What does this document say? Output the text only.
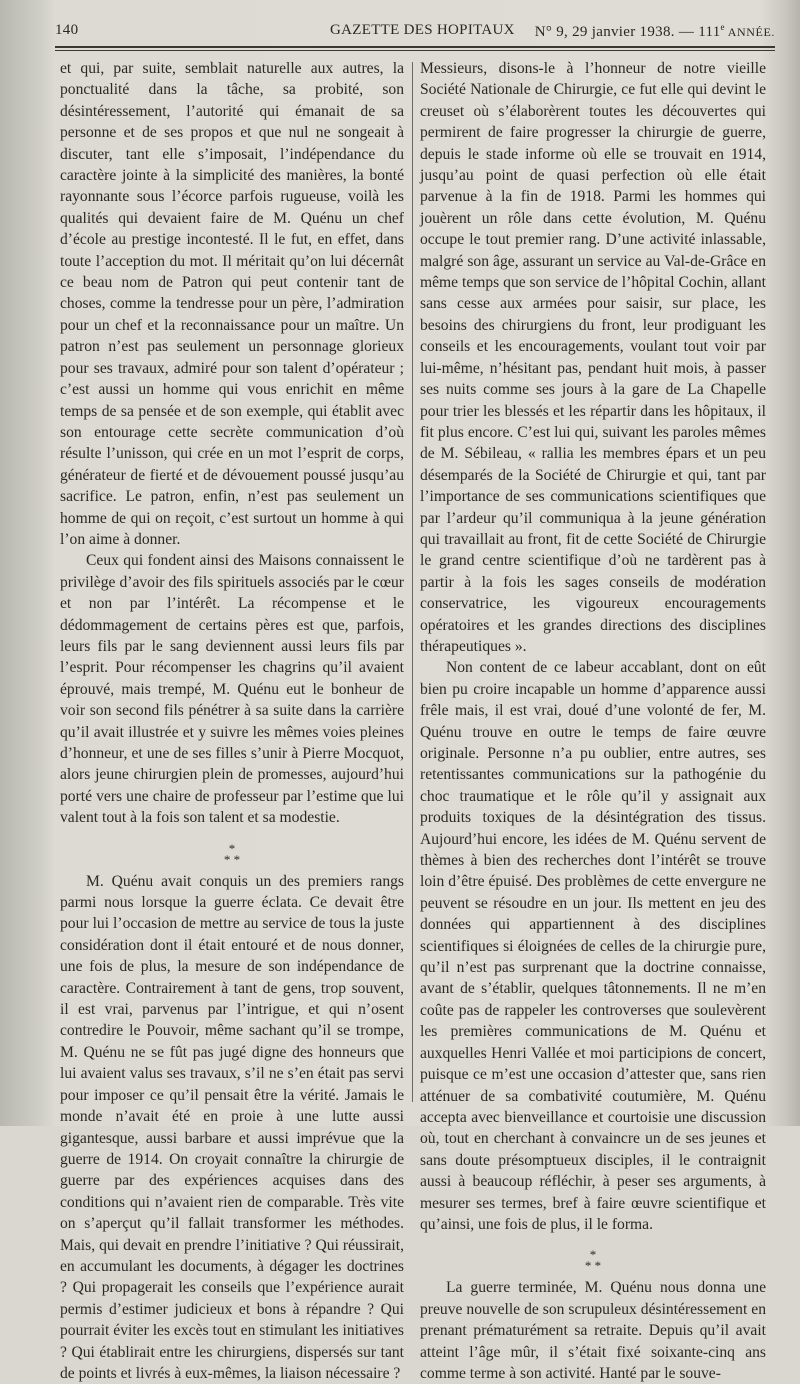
140	GAZETTE DES HOPITAUX N° 9, 29 janvier 1938. — 111e ANNÉE.

et qui, par suite, semblait naturelle aux autres, la ponctualité dans la tâche, sa probité, son désintéressement, l’autorité qui émanait de sa personne et de ses propos et que nul ne songeait à discuter, tant elle s’imposait, l’indépendance du caractère jointe à la simplicité des manières, la bonté rayonnante sous l’écorce parfois rugueuse, voilà les qualités qui devaient faire de M. Quénu un chef d’école au prestige incontesté. Il le fut, en effet, dans toute l’acception du mot. Il méritait qu’on lui décernât ce beau nom de Patron qui peut contenir tant de choses, comme la tendresse pour un père, l’admiration pour un chef et la reconnaissance pour un maître. Un patron n’est pas seulement un personnage glorieux pour ses travaux, admiré pour son talent d’opérateur ; c’est aussi un homme qui vous enrichit en même temps de sa pensée et de son exemple, qui établit avec son entourage cette secrète communication d’où résulte l’unisson, qui crée en un mot l’esprit de corps, générateur de fierté et de dévouement poussé jusqu’au sacrifice. Le patron, enfin, n’est pas seulement un homme de qui on reçoit, c’est surtout un homme à qui l’on aime à donner.

Ceux qui fondent ainsi des Maisons connaissent le privilège d’avoir des fils spirituels associés par le cœur et non par l’intérêt. La récompense et le dédommagement de certains pères est que, parfois, leurs fils par le sang deviennent aussi leurs fils par l’esprit. Pour récompenser les chagrins qu’il avaient éprouvé, mais trempé, M. Quénu eut le bonheur de voir son second fils pénétrer à sa suite dans la carrière qu’il avait illustrée et y suivre les mêmes voies pleines d’honneur, et une de ses filles s’unir à Pierre Mocquot, alors jeune chirurgien plein de promesses, aujourd’hui porté vers une chaire de professeur par l’estime que lui valent tout à la fois son talent et sa modestie.

*
* *

M. Quénu avait conquis un des premiers rangs parmi nous lorsque la guerre éclata. Ce devait être pour lui l’occasion de mettre au service de tous la juste considération dont il était entouré et de nous donner, une fois de plus, la mesure de son indépendance de caractère. Contrairement à tant de gens, trop souvent, il est vrai, parvenus par l’intrigue, et qui n’osent contredire le Pouvoir, même sachant qu’il se trompe, M. Quénu ne se fût pas jugé digne des honneurs que lui avaient valus ses travaux, s’il ne s’en était pas servi pour imposer ce qu’il pensait être la vérité. Jamais le monde n’avait été en proie à une lutte aussi gigantesque, aussi barbare et aussi imprévue que la guerre de 1914. On croyait connaître la chirurgie de guerre par des expériences acquises dans des conditions qui n’avaient rien de comparable. Très vite on s’aperçut qu’il fallait transformer les méthodes. Mais, qui devait en prendre l’initiative ? Qui réussirait, en accumulant les documents, à dégager les doctrines ? Qui propagerait les conseils que l’expérience aurait permis d’estimer judicieux et bons à répandre ? Qui pourrait éviter les excès tout en stimulant les initiatives ? Qui établirait entre les chirurgiens, dispersés sur tant de points et livrés à eux-mêmes, la liaison nécessaire ?

Messieurs, disons-le à l’honneur de notre vieille Société Nationale de Chirurgie, ce fut elle qui devint le creuset où s’élaborèrent toutes les découvertes qui permirent de faire progresser la chirurgie de guerre, depuis le stade informe où elle se trouvait en 1914, jusqu’au point de quasi perfection où elle était parvenue à la fin de 1918. Parmi les hommes qui jouèrent un rôle dans cette évolution, M. Quénu occupe le tout premier rang. D’une activité inlassable, malgré son âge, assurant un service au Val-de-Grâce en même temps que son service de l’hôpital Cochin, allant sans cesse aux armées pour saisir, sur place, les besoins des chirurgiens du front, leur prodiguant les conseils et les encouragements, voulant tout voir par lui-même, n’hésitant pas, pendant huit mois, à passer ses nuits comme ses jours à la gare de La Chapelle pour trier les blessés et les répartir dans les hôpitaux, il fit plus encore. C’est lui qui, suivant les paroles mêmes de M. Sébileau, « rallia les membres épars et un peu désemparés de la Société de Chirurgie et qui, tant par l’importance de ses communications scientifiques que par l’ardeur qu’il communiqua à la jeune génération qui travaillait au front, fit de cette Société de Chirurgie le grand centre scientifique d’où ne tardèrent pas à partir à la fois les sages conseils de modération conservatrice, les vigoureux encouragements opératoires et les grandes directions des disciplines thérapeutiques ».

Non content de ce labeur accablant, dont on eût bien pu croire incapable un homme d’apparence aussi frêle mais, il est vrai, doué d’une volonté de fer, M. Quénu trouve en outre le temps de faire œuvre originale. Personne n’a pu oublier, entre autres, ses retentissantes communications sur la pathogénie du choc traumatique et le rôle qu’il y assignait aux produits toxiques de la désintégration des tissus. Aujourd’hui encore, les idées de M. Quénu servent de thèmes à bien des recherches dont l’intérêt se trouve loin d’être épuisé. Des problèmes de cette envergure ne peuvent se résoudre en un jour. Ils mettent en jeu des données qui appartiennent à des disciplines scientifiques si éloignées de celles de la chirurgie pure, qu’il n’est pas surprenant que la doctrine connaisse, avant de s’établir, quelques tâtonnements. Il ne m’en coûte pas de rappeler les controverses que soulevèrent les premières communications de M. Quénu et auxquelles Henri Vallée et moi participions de concert, puisque ce m’est une occasion d’attester que, sans rien atténuer de sa combativité coutumière, M. Quénu accepta avec bienveillance et courtoisie une discussion où, tout en cherchant à convaincre un de ses jeunes et sans doute présomptueux disciples, il le contraignit aussi à beaucoup réfléchir, à peser ses arguments, à mesurer ses termes, bref à faire œuvre scientifique et qu’ainsi, une fois de plus, il le forma.

*
* *

La guerre terminée, M. Quénu nous donna une preuve nouvelle de son scrupuleux désintéressement en prenant prématurément sa retraite. Depuis qu’il avait atteint l’âge mûr, il s’était fixé soixante-cinq ans comme terme à son activité. Hanté par le souve-
